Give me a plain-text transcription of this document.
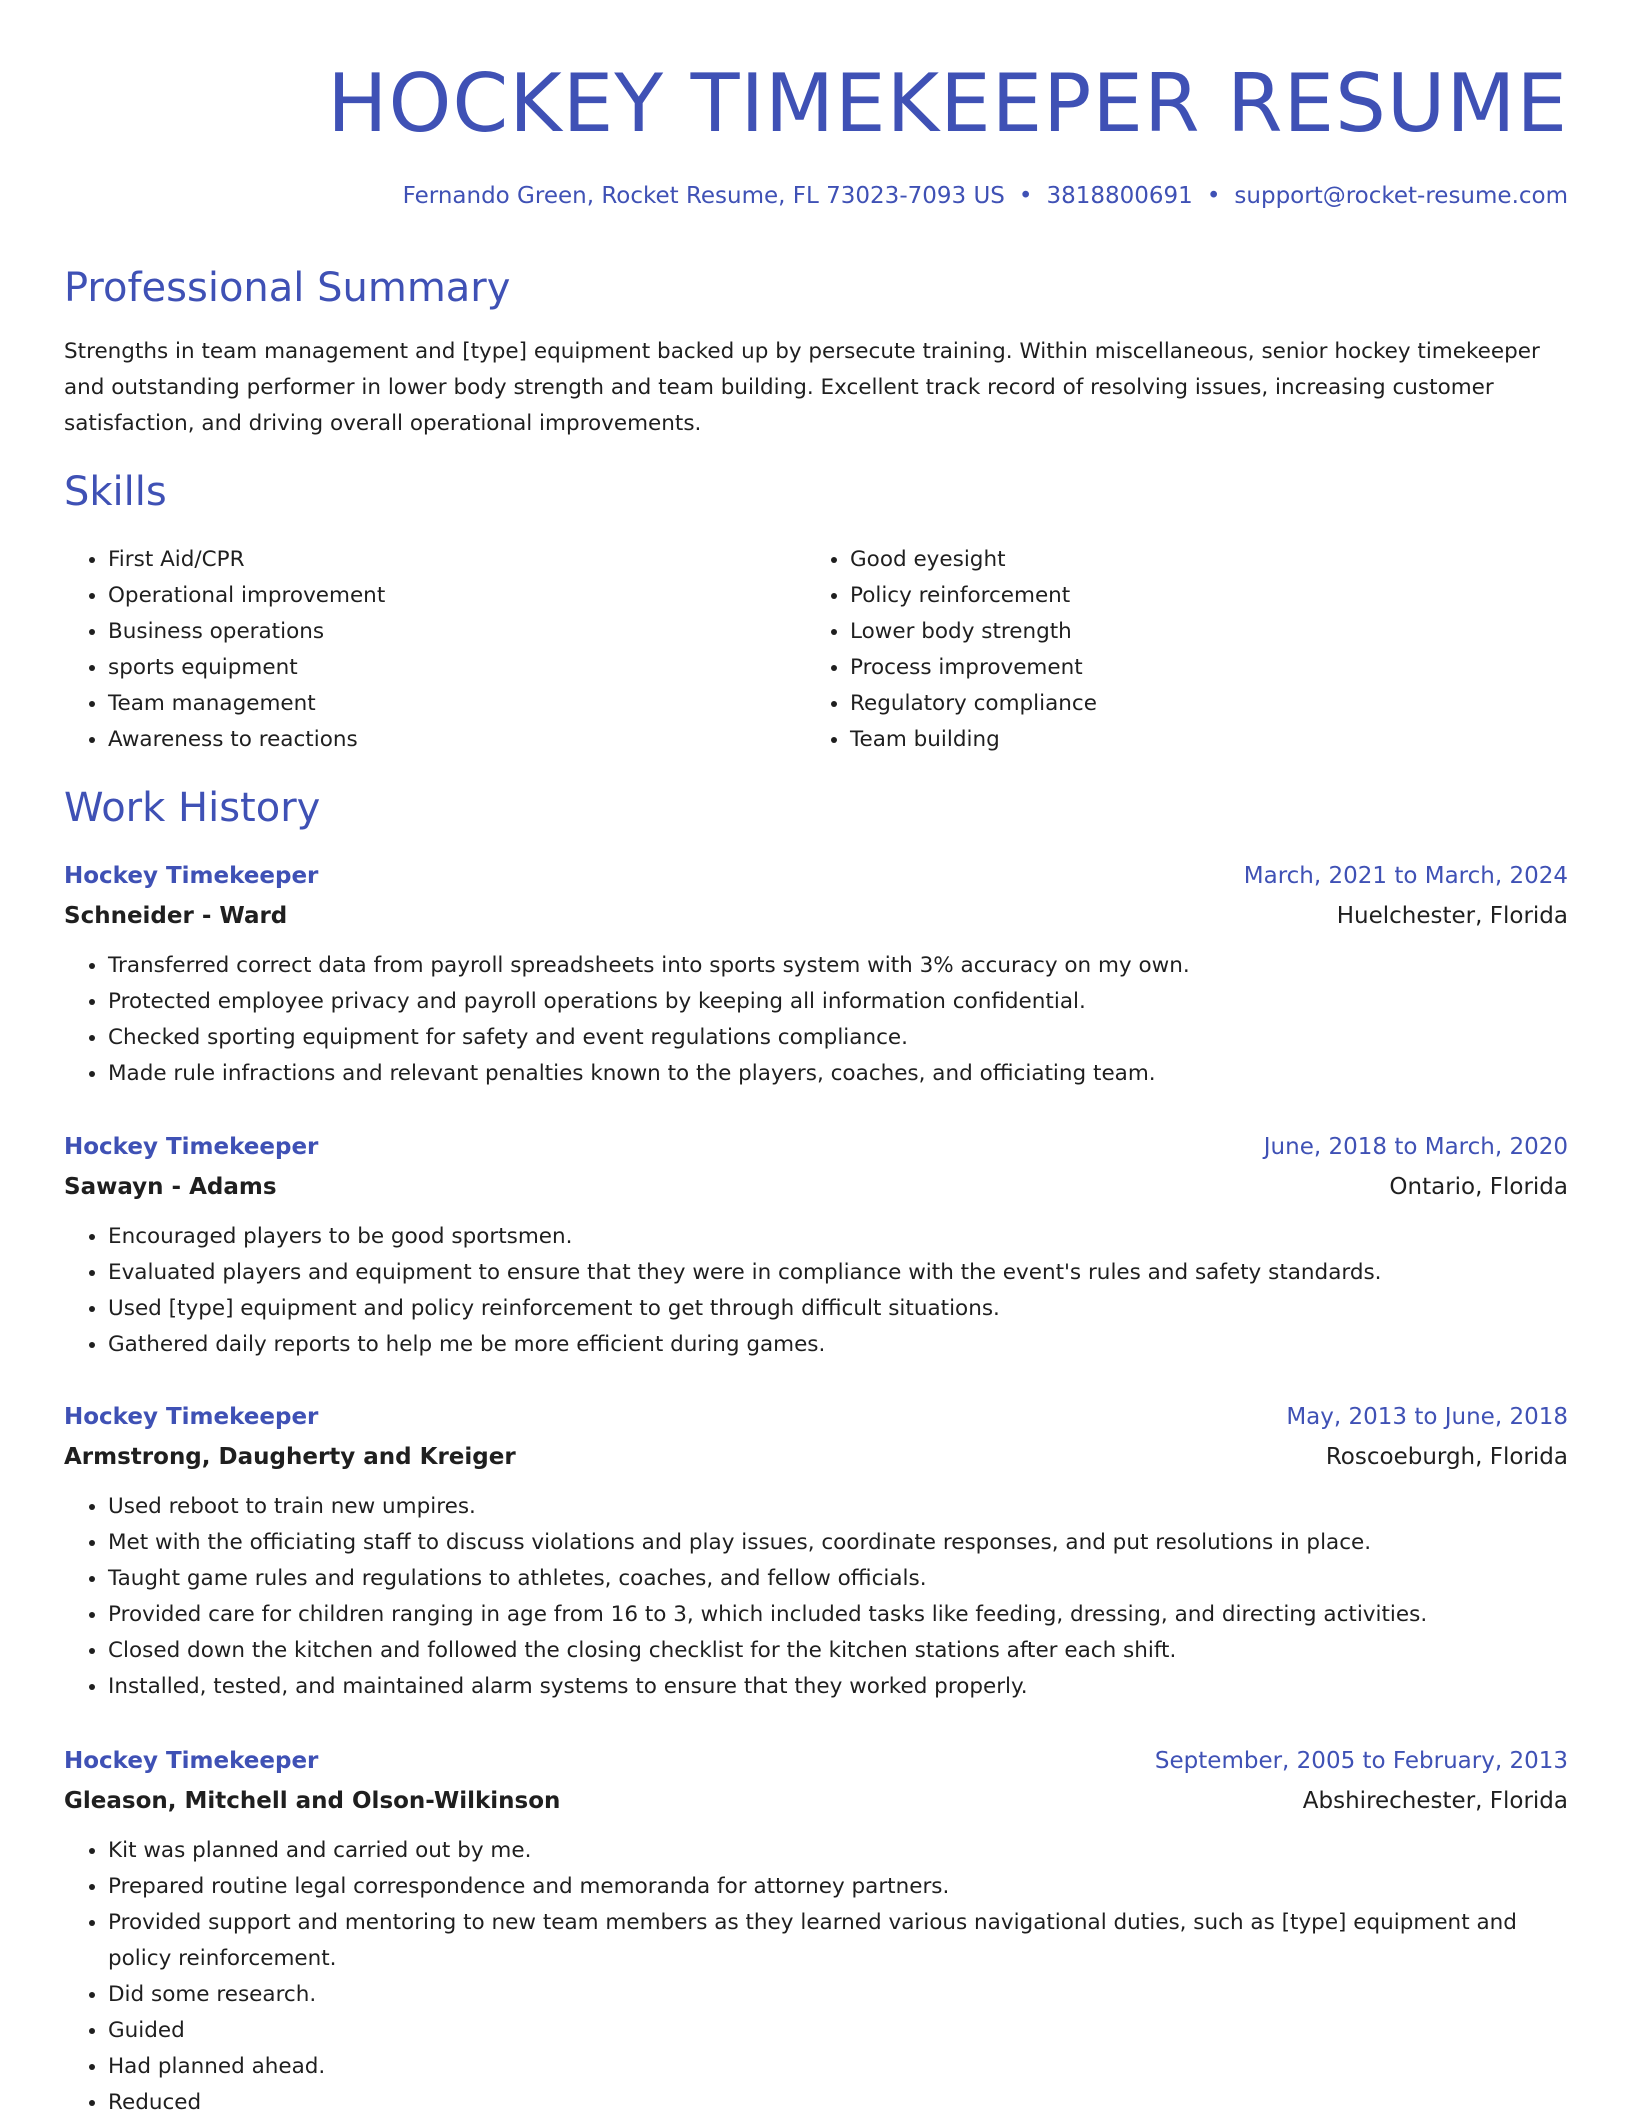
HOCKEY TIMEKEEPER RESUME
Fernando Green, Rocket Resume, FL 73023-7093 US • 3818800691 • support@rocket-resume.com
Professional Summary

Strengths in team management and [type] equipment backed up by persecute training. Within miscellaneous, senior hockey timekeeper and outstanding performer in lower body strength and team building. Excellent track record of resolving issues, increasing customer satisfaction, and driving overall operational improvements.

Skills
• First Aid/CPR
• Operational improvement
• Business operations
• sports equipment
• Team management
• Awareness to reactions
• Good eyesight
• Policy reinforcement
• Lower body strength
• Process improvement
• Regulatory compliance
• Team building
Work History
Hockey Timekeeper	March, 2021 to March, 2024
Schneider - Ward	Huelchester, Florida
• Transferred correct data from payroll spreadsheets into sports system with 3% accuracy on my own.
• Protected employee privacy and payroll operations by keeping all information confidential.
• Checked sporting equipment for safety and event regulations compliance.
• Made rule infractions and relevant penalties known to the players, coaches, and officiating team.
Hockey Timekeeper	June, 2018 to March, 2020
Sawayn - Adams	Ontario, Florida
• Encouraged players to be good sportsmen.
• Evaluated players and equipment to ensure that they were in compliance with the event's rules and safety standards.
• Used [type] equipment and policy reinforcement to get through difficult situations.
• Gathered daily reports to help me be more efficient during games.
Hockey Timekeeper	May, 2013 to June, 2018
Armstrong, Daugherty and Kreiger	Roscoeburgh, Florida
• Used reboot to train new umpires.
• Met with the officiating staff to discuss violations and play issues, coordinate responses, and put resolutions in place.
• Taught game rules and regulations to athletes, coaches, and fellow officials.
• Provided care for children ranging in age from 16 to 3, which included tasks like feeding, dressing, and directing activities.
• Closed down the kitchen and followed the closing checklist for the kitchen stations after each shift.
• Installed, tested, and maintained alarm systems to ensure that they worked properly.
Hockey Timekeeper	September, 2005 to February, 2013
Gleason, Mitchell and Olson-Wilkinson	Abshirechester, Florida
• Kit was planned and carried out by me.
• Prepared routine legal correspondence and memoranda for attorney partners.
• Provided support and mentoring to new team members as they learned various navigational duties, such as [type] equipment and policy reinforcement.
• Did some research.
• Guided
• Had planned ahead.
• Reduced
